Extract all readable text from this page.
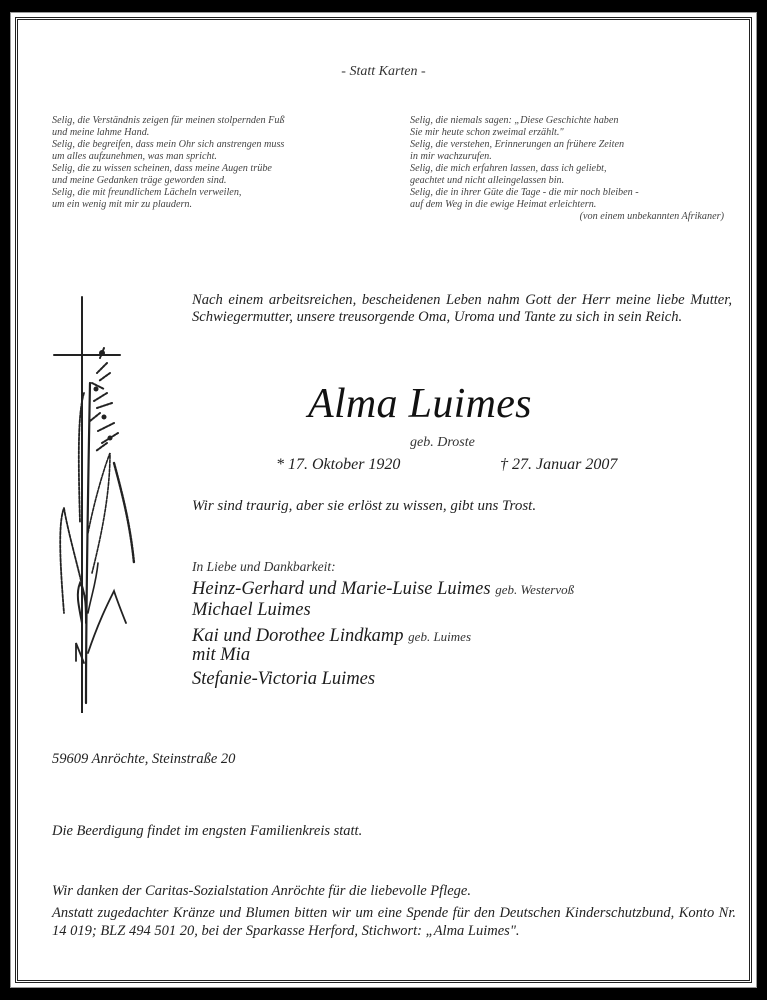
- Statt Karten -
Selig, die Verständnis zeigen für meinen stolpernden Fuß
und meine lahme Hand.
Selig, die begreifen, dass mein Ohr sich anstrengen muss
um alles aufzunehmen, was man spricht.
Selig, die zu wissen scheinen, dass meine Augen trübe
und meine Gedanken träge geworden sind.
Selig, die mit freundlichem Lächeln verweilen,
um ein wenig mit mir zu plaudern.
Selig, die niemals sagen: „Diese Geschichte haben
Sie mir heute schon zweimal erzählt."
Selig, die verstehen, Erinnerungen an frühere Zeiten
in mir wachzurufen.
Selig, die mich erfahren lassen, dass ich geliebt,
geachtet und nicht alleingelassen bin.
Selig, die in ihrer Güte die Tage - die mir noch bleiben -
auf dem Weg in die ewige Heimat erleichtern.
(von einem unbekannten Afrikaner)
Nach einem arbeitsreichen, bescheidenen Leben nahm Gott der Herr meine liebe Mutter, Schwiegermutter, unsere treusorgende Oma, Uroma und Tante zu sich in sein Reich.
Alma Luimes
geb. Droste
* 17. Oktober 1920	† 27. Januar 2007
Wir sind traurig, aber sie erlöst zu wissen, gibt uns Trost.
In Liebe und Dankbarkeit:
Heinz-Gerhard und Marie-Luise Luimes geb. Westervoß
Michael Luimes
Kai und Dorothee Lindkamp geb. Luimes
mit Mia
Stefanie-Victoria Luimes
59609 Anröchte, Steinstraße 20
Die Beerdigung findet im engsten Familienkreis statt.
Wir danken der Caritas-Sozialstation Anröchte für die liebevolle Pflege.
Anstatt zugedachter Kränze und Blumen bitten wir um eine Spende für den Deutschen Kinderschutzbund, Konto Nr. 14 019; BLZ 494 501 20, bei der Sparkasse Herford, Stichwort: „Alma Luimes".
